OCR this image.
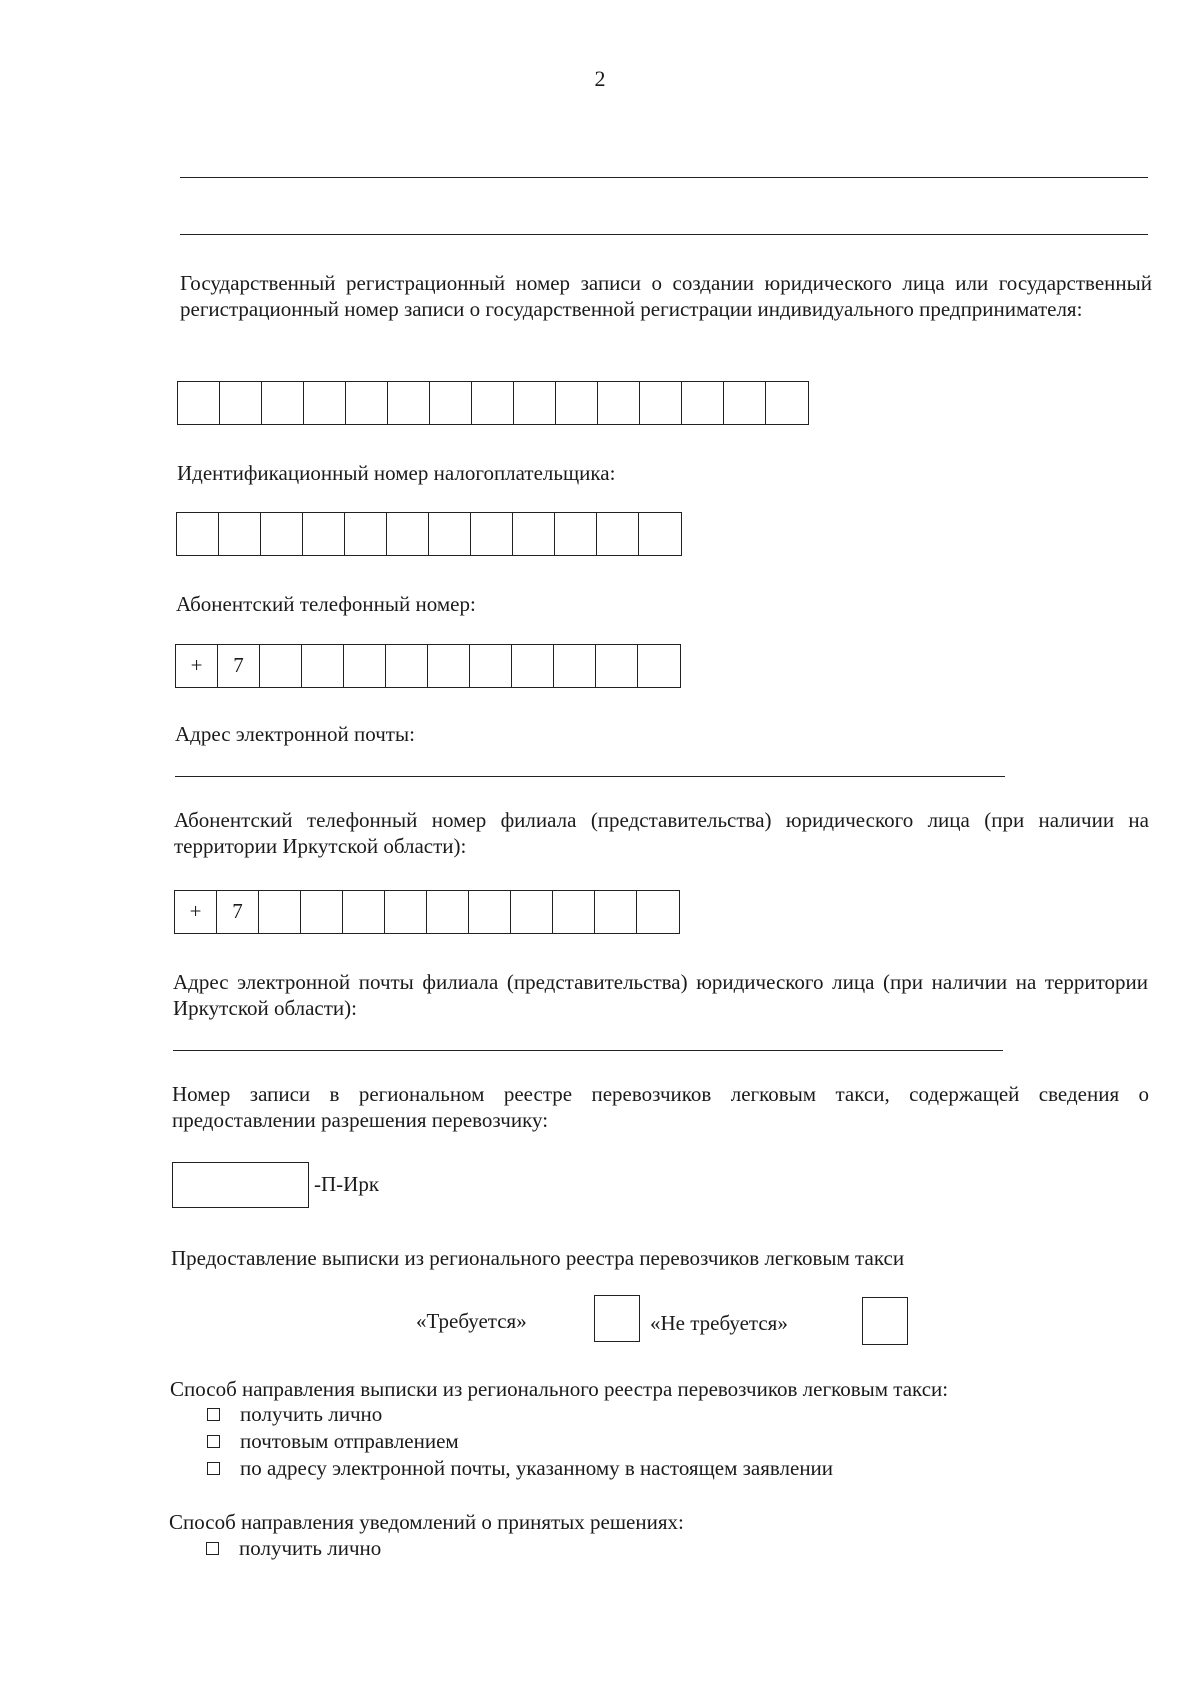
2
Государственный регистрационный номер записи о создании юридического лица или государственный регистрационный номер записи о государственной регистрации индивидуального предпринимателя:
Идентификационный номер налогоплательщика:
Абонентский телефонный номер:
+	7
Адрес электронной почты:
Абонентский телефонный номер филиала (представительства) юридического лица (при наличии на территории Иркутской области):
+	7
Адрес электронной почты филиала (представительства) юридического лица (при наличии на территории Иркутской области):
Номер записи в региональном реестре перевозчиков легковым такси, содержащей сведения о предоставлении разрешения перевозчику:
-П-Ирк
Предоставление выписки из регионального реестра перевозчиков легковым такси
«Требуется»	«Не требуется»
Способ направления выписки из регионального реестра перевозчиков легковым такси:
получить лично
почтовым отправлением
по адресу электронной почты, указанному в настоящем заявлении
Способ направления уведомлений о принятых решениях:
получить лично
